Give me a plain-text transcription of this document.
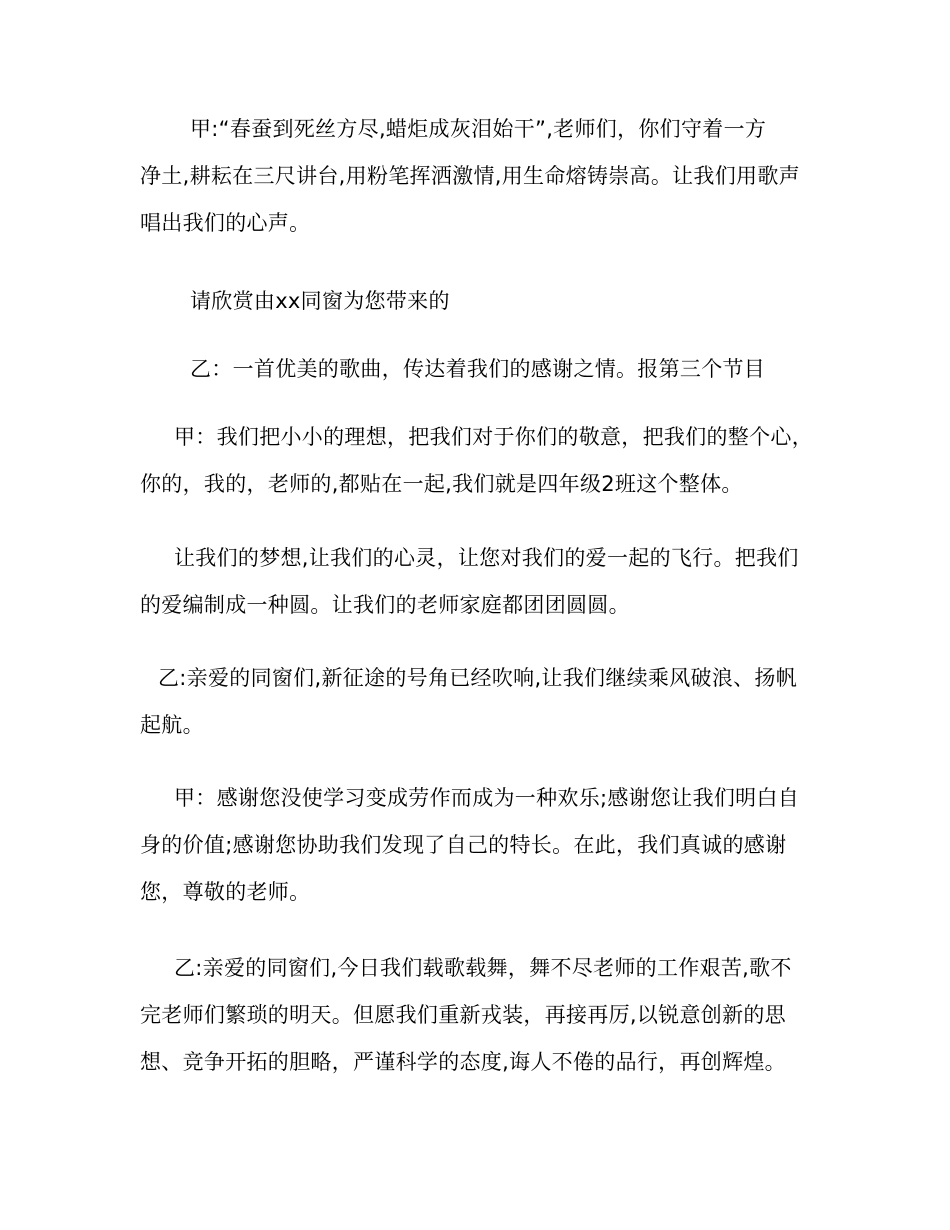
甲:“春蚕到死丝方尽,蜡炬成灰泪始干”,老师们，你们守着一方
净土,耕耘在三尺讲台,用粉笔挥洒激情,用生命熔铸崇高。让我们用歌声
唱出我们的心声。

请欣赏由xx同窗为您带来的

乙：一首优美的歌曲，传达着我们的感谢之情。报第三个节目

甲：我们把小小的理想，把我们对于你们的敬意，把我们的整个心，
你的，我的，老师的,都贴在一起,我们就是四年级2班这个整体。

让我们的梦想,让我们的心灵，让您对我们的爱一起的飞行。把我们
的爱编制成一种圆。让我们的老师家庭都团团圆圆。

乙:亲爱的同窗们,新征途的号角已经吹响,让我们继续乘风破浪、扬帆
起航。

甲：感谢您没使学习变成劳作而成为一种欢乐;感谢您让我们明白自
身的价值;感谢您协助我们发现了自己的特长。在此，我们真诚的感谢
您，尊敬的老师。

乙:亲爱的同窗们,今日我们载歌载舞，舞不尽老师的工作艰苦,歌不
完老师们繁琐的明天。但愿我们重新戎装，再接再厉,以锐意创新的思
想、竞争开拓的胆略，严谨科学的态度,诲人不倦的品行，再创辉煌。
